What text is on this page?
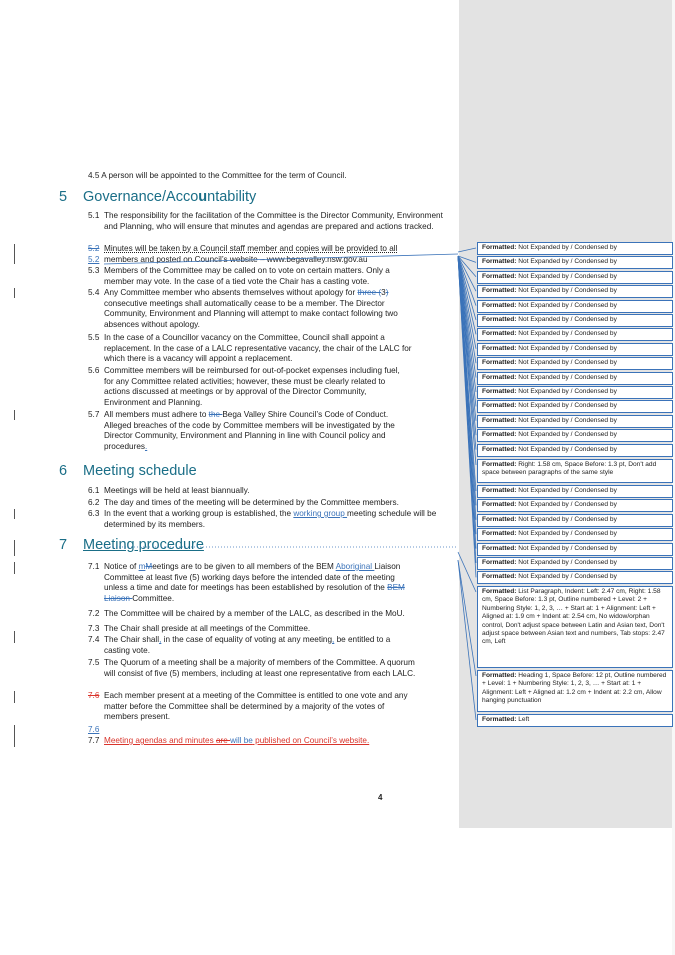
4.5 A person will be appointed to the Committee for the term of Council.
5 Governance/Accountability
5.1 The responsibility for the facilitation of the Committee is the Director Community, Environment and Planning, who will ensure that minutes and agendas are prepared and actions tracked.
5.2 Minutes will be taken by a Council staff member and copies will be provided to all
5.2 members and posted on Council’s website – www.begavalley.nsw.gov.au
5.3 Members of the Committee may be called on to vote on certain matters. Only a member may vote. In the case of a tied vote the Chair has a casting vote.
5.4 Any Committee member who absents themselves without apology for three (3) consecutive meetings shall automatically cease to be a member. The Director Community, Environment and Planning will attempt to make contact following two absences without apology.
5.5 In the case of a Councillor vacancy on the Committee, Council shall appoint a replacement. In the case of a LALC representative vacancy, the chair of the LALC for which there is a vacancy will appoint a replacement.
5.6 Committee members will be reimbursed for out-of-pocket expenses including fuel, for any Committee related activities; however, these must be clearly related to actions discussed at meetings or by approval of the Director Community, Environment and Planning.
5.7 All members must adhere to the Bega Valley Shire Council’s Code of Conduct. Alleged breaches of the code by Committee members will be investigated by the Director Community, Environment and Planning in line with Council policy and procedures.
6 Meeting schedule
6.1 Meetings will be held at least biannually.
6.2 The day and times of the meeting will be determined by the Committee members.
6.3 In the event that a working group is established, the working group meeting schedule will be determined by its members.
7 Meeting procedure
7.1 Notice of mMeetings are to be given to all members of the BEM Aboriginal Liaison Committee at least five (5) working days before the intended date of the meeting unless a time and date for meetings has been established by resolution of the BEM Liaison Committee.
7.2 The Committee will be chaired by a member of the LALC, as described in the MoU.
7.3 The Chair shall preside at all meetings of the Committee.
7.4 The Chair shall, in the case of equality of voting at any meeting, be entitled to a casting vote.
7.5 The Quorum of a meeting shall be a majority of members of the Committee. A quorum will consist of five (5) members, including at least one representative from each LALC.
7.6 Each member present at a meeting of the Committee is entitled to one vote and any matter before the Committee shall be determined by a majority of the votes of members present.
7.6
7.7 Meeting agendas and minutes are will be published on Council’s website.
4
Formatted: Not Expanded by / Condensed by
Formatted: Not Expanded by / Condensed by
Formatted: Not Expanded by / Condensed by
Formatted: Not Expanded by / Condensed by
Formatted: Not Expanded by / Condensed by
Formatted: Not Expanded by / Condensed by
Formatted: Not Expanded by / Condensed by
Formatted: Not Expanded by / Condensed by
Formatted: Not Expanded by / Condensed by
Formatted: Not Expanded by / Condensed by
Formatted: Not Expanded by / Condensed by
Formatted: Not Expanded by / Condensed by
Formatted: Not Expanded by / Condensed by
Formatted: Not Expanded by / Condensed by
Formatted: Not Expanded by / Condensed by
Formatted: Right: 1.58 cm, Space Before: 1.3 pt, Don't add space between paragraphs of the same style
Formatted: Not Expanded by / Condensed by
Formatted: Not Expanded by / Condensed by
Formatted: Not Expanded by / Condensed by
Formatted: Not Expanded by / Condensed by
Formatted: Not Expanded by / Condensed by
Formatted: Not Expanded by / Condensed by
Formatted: Not Expanded by / Condensed by
Formatted: List Paragraph, Indent: Left: 2.47 cm, Right: 1.58 cm, Space Before: 1.3 pt, Outline numbered + Level: 2 + Numbering Style: 1, 2, 3, … + Start at: 1 + Alignment: Left + Aligned at: 1.9 cm + Indent at: 2.54 cm, No widow/orphan control, Don't adjust space between Latin and Asian text, Don't adjust space between Asian text and numbers, Tab stops: 2.47 cm, Left
Formatted: Heading 1, Space Before: 12 pt, Outline numbered + Level: 1 + Numbering Style: 1, 2, 3, … + Start at: 1 + Alignment: Left + Aligned at: 1.2 cm + Indent at: 2.2 cm, Allow hanging punctuation
Formatted: Left
